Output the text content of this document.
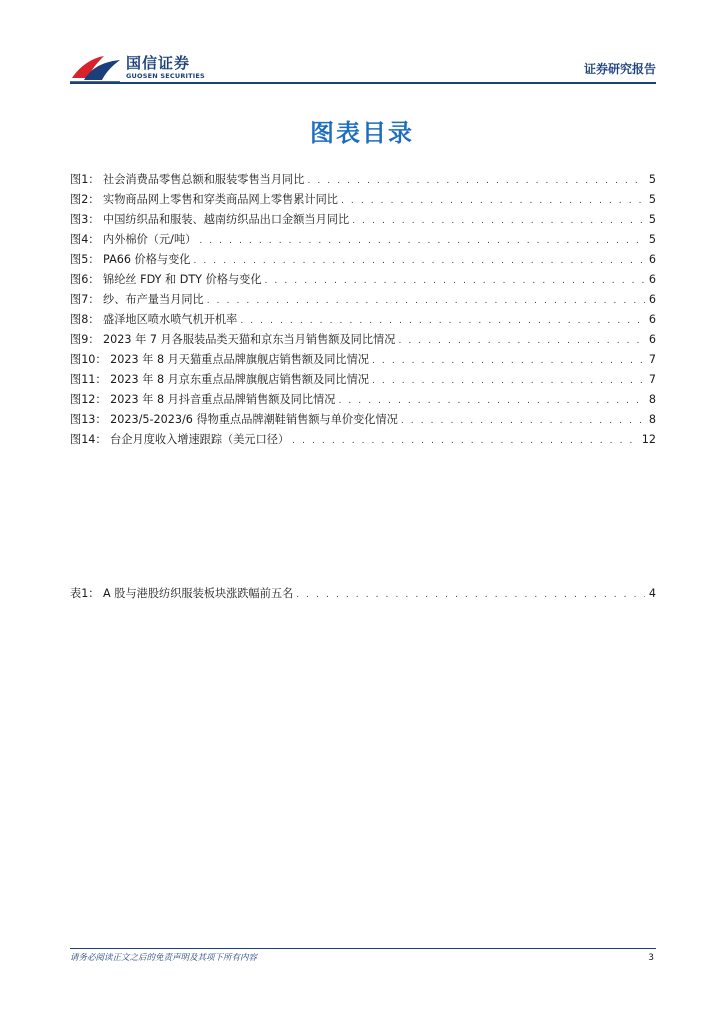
国信证券
GUOSEN SECURITIES	证券研究报告
图表目录
图1： 社会消费品零售总额和服装零售当月同比 . . .	5
图2： 实物商品网上零售和穿类商品网上零售累计同比 . . .	5
图3： 中国纺织品和服装、越南纺织品出口金额当月同比 . . .	5
图4： 内外棉价（元/吨） . . .	5
图5： PA66 价格与变化 . . .	6
图6： 锦纶丝 FDY 和 DTY 价格与变化 . . .	6
图7： 纱、布产量当月同比 . . .	6
图8： 盛泽地区喷水喷气机开机率 . . .	6
图9： 2023 年 7 月各服装品类天猫和京东当月销售额及同比情况 . . .	6
图10： 2023 年 8 月天猫重点品牌旗舰店销售额及同比情况 . . .	7
图11： 2023 年 8 月京东重点品牌旗舰店销售额及同比情况 . . .	7
图12： 2023 年 8 月抖音重点品牌销售额及同比情况 . . .	8
图13： 2023/5-2023/6 得物重点品牌潮鞋销售额与单价变化情况 . . .	8
图14： 台企月度收入增速跟踪（美元口径） . . .	12
表1： A 股与港股纺织服装板块涨跌幅前五名 . . .	4
请务必阅读正文之后的免责声明及其项下所有内容	3
